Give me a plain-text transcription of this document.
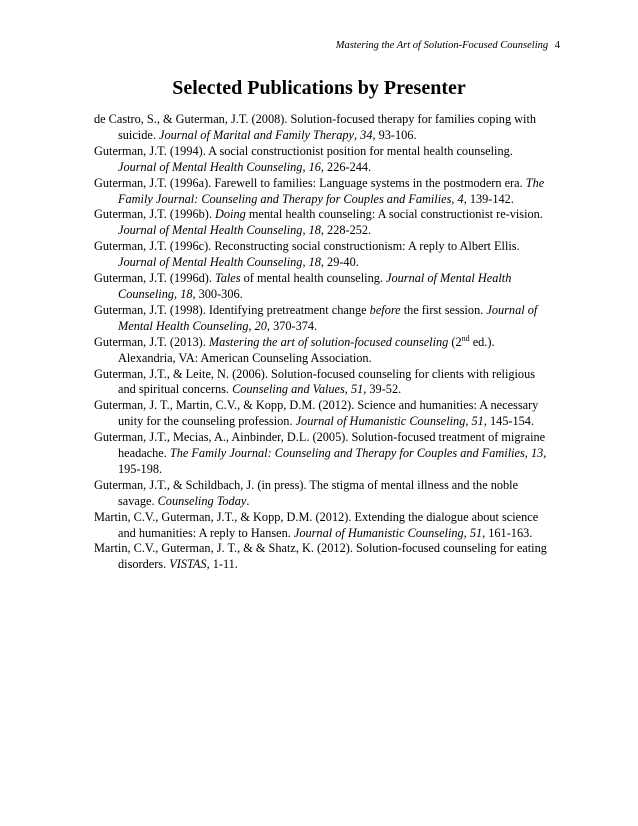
Mastering the Art of Solution-Focused Counseling 4
Selected Publications by Presenter
de Castro, S., & Guterman, J.T. (2008). Solution-focused therapy for families coping with suicide. Journal of Marital and Family Therapy, 34, 93-106.
Guterman, J.T. (1994). A social constructionist position for mental health counseling. Journal of Mental Health Counseling, 16, 226-244.
Guterman, J.T. (1996a). Farewell to families: Language systems in the postmodern era. The Family Journal: Counseling and Therapy for Couples and Families, 4, 139-142.
Guterman, J.T. (1996b). Doing mental health counseling: A social constructionist re-vision. Journal of Mental Health Counseling, 18, 228-252.
Guterman, J.T. (1996c). Reconstructing social constructionism: A reply to Albert Ellis. Journal of Mental Health Counseling, 18, 29-40.
Guterman, J.T. (1996d). Tales of mental health counseling. Journal of Mental Health Counseling, 18, 300-306.
Guterman, J.T. (1998). Identifying pretreatment change before the first session. Journal of Mental Health Counseling, 20, 370-374.
Guterman, J.T. (2013). Mastering the art of solution-focused counseling (2nd ed.). Alexandria, VA: American Counseling Association.
Guterman, J.T., & Leite, N. (2006). Solution-focused counseling for clients with religious and spiritual concerns. Counseling and Values, 51, 39-52.
Guterman, J. T., Martin, C.V., & Kopp, D.M. (2012). Science and humanities: A necessary unity for the counseling profession. Journal of Humanistic Counseling, 51, 145-154.
Guterman, J.T., Mecias, A., Ainbinder, D.L. (2005). Solution-focused treatment of migraine headache. The Family Journal: Counseling and Therapy for Couples and Families, 13, 195-198.
Guterman, J.T., & Schildbach, J. (in press). The stigma of mental illness and the noble savage. Counseling Today.
Martin, C.V., Guterman, J.T., & Kopp, D.M. (2012). Extending the dialogue about science and humanities: A reply to Hansen. Journal of Humanistic Counseling, 51, 161-163.
Martin, C.V., Guterman, J. T., & & Shatz, K. (2012). Solution-focused counseling for eating disorders. VISTAS, 1-11.
